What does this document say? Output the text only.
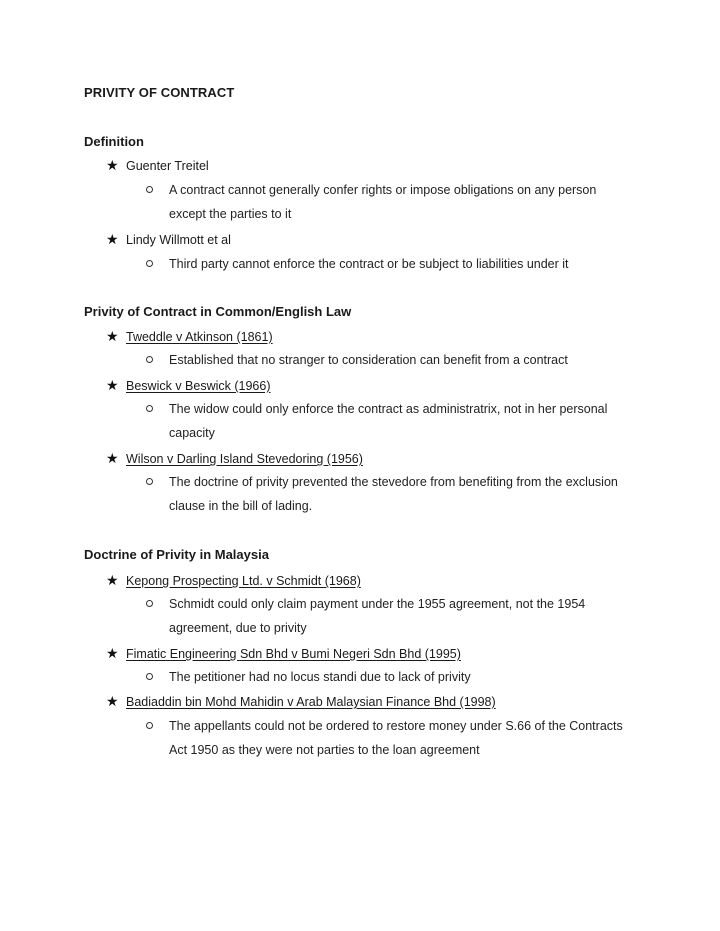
PRIVITY OF CONTRACT
Definition
★ Guenter Treitel
A contract cannot generally confer rights or impose obligations on any person except the parties to it
★ Lindy Willmott et al
Third party cannot enforce the contract or be subject to liabilities under it
Privity of Contract in Common/English Law
★ Tweddle v Atkinson (1861)
Established that no stranger to consideration can benefit from a contract
★ Beswick v Beswick (1966)
The widow could only enforce the contract as administratrix, not in her personal capacity
★ Wilson v Darling Island Stevedoring (1956)
The doctrine of privity prevented the stevedore from benefiting from the exclusion clause in the bill of lading.
Doctrine of Privity in Malaysia
★ Kepong Prospecting Ltd. v Schmidt (1968)
Schmidt could only claim payment under the 1955 agreement, not the 1954 agreement, due to privity
★ Fimatic Engineering Sdn Bhd v Bumi Negeri Sdn Bhd (1995)
The petitioner had no locus standi due to lack of privity
★ Badiaddin bin Mohd Mahidin v Arab Malaysian Finance Bhd (1998)
The appellants could not be ordered to restore money under S.66 of the Contracts Act 1950 as they were not parties to the loan agreement
